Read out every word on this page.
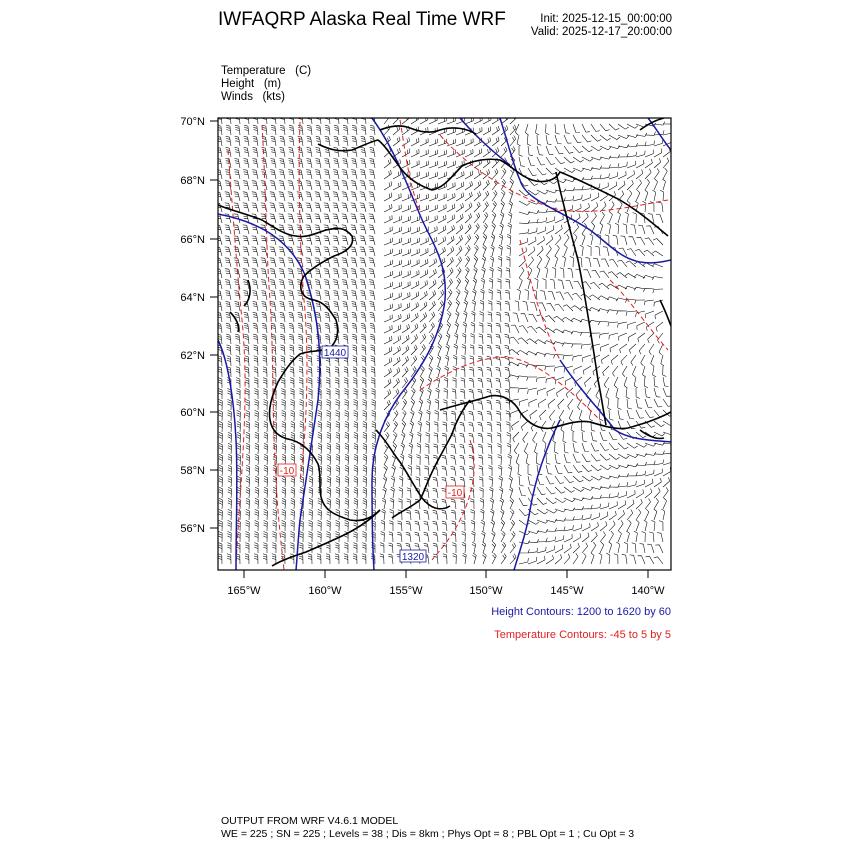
IWFAQRP Alaska Real Time WRF	Init: 2025-12-15_00:00:00
Valid: 2025-12-17_20:00:00
Temperature (C)
Height (m)
Winds (kts)
70°N
68°N
66°N
64°N
62°N
60°N
58°N
56°N
165°W	160°W	155°W	150°W	145°W	140°W
1440
1320
-10
-10
Height Contours: 1200 to 1620 by 60
Temperature Contours: -45 to 5 by 5
OUTPUT FROM WRF V4.6.1 MODEL
WE = 225 ; SN = 225 ; Levels = 38 ; Dis = 8km ; Phys Opt = 8 ; PBL Opt = 1 ; Cu Opt = 3
